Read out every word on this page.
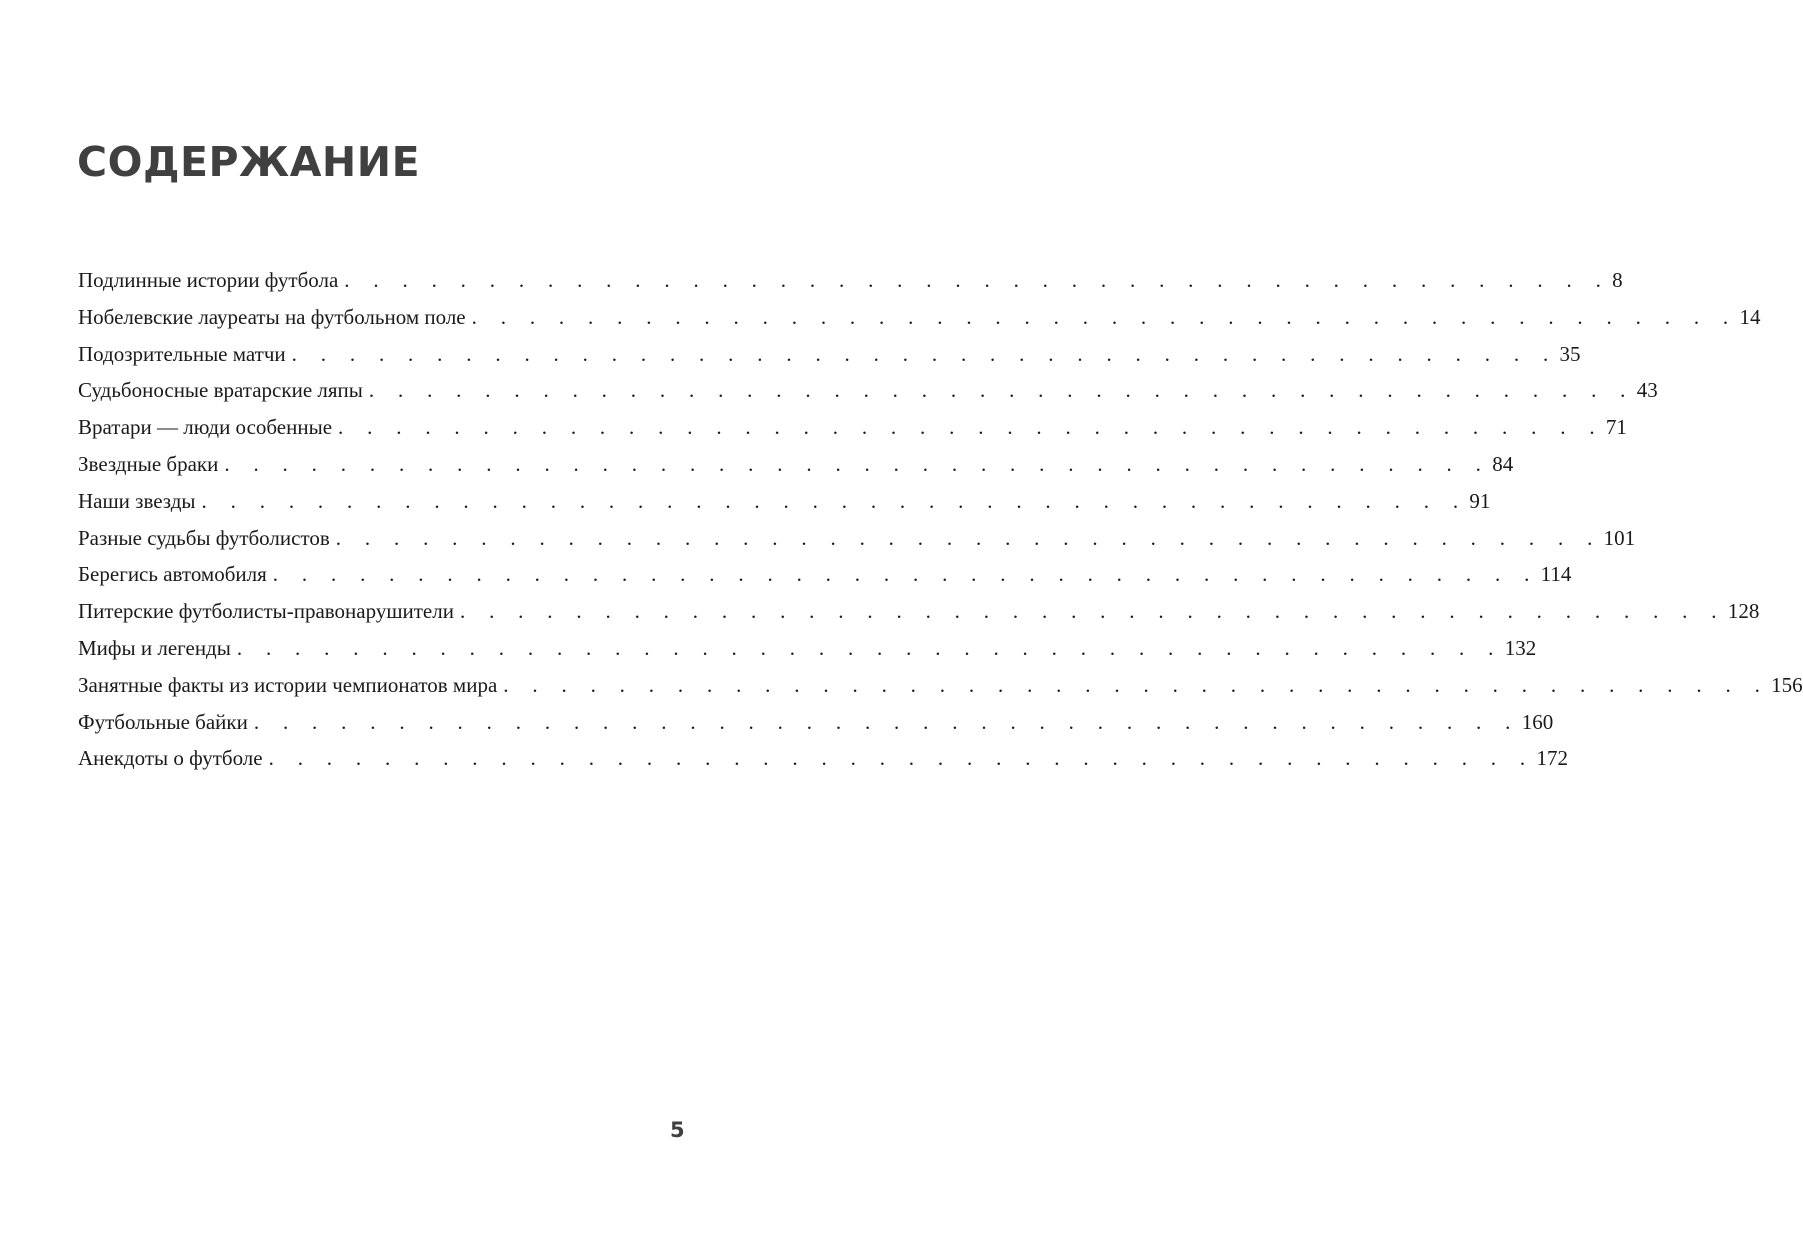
СОДЕРЖАНИЕ
Подлинные истории футбола . . . . . . . . . . . . . . . . . . . . . . . . . . . . . . . . . . . . . . . . . . . . 8
Нобелевские лауреаты на футбольном поле . . . . . . . . . . . . . . . . . . . . . . . . . . . . . . . . . . . . . . . . . . . . 14
Подозрительные матчи . . . . . . . . . . . . . . . . . . . . . . . . . . . . . . . . . . . . . . . . . . . . 35
Судьбоносные вратарские ляпы . . . . . . . . . . . . . . . . . . . . . . . . . . . . . . . . . . . . . . . . . . . . 43
Вратари — люди особенные . . . . . . . . . . . . . . . . . . . . . . . . . . . . . . . . . . . . . . . . . . . . 71
Звездные браки . . . . . . . . . . . . . . . . . . . . . . . . . . . . . . . . . . . . . . . . . . . . 84
Наши звезды . . . . . . . . . . . . . . . . . . . . . . . . . . . . . . . . . . . . . . . . . . . . 91
Разные судьбы футболистов . . . . . . . . . . . . . . . . . . . . . . . . . . . . . . . . . . . . . . . . . . . . 101
Берегись автомобиля . . . . . . . . . . . . . . . . . . . . . . . . . . . . . . . . . . . . . . . . . . . . 114
Питерские футболисты-правонарушители . . . . . . . . . . . . . . . . . . . . . . . . . . . . . . . . . . . . . . . . . . . . 128
Мифы и легенды . . . . . . . . . . . . . . . . . . . . . . . . . . . . . . . . . . . . . . . . . . . . 132
Занятные факты из истории чемпионатов мира . . . . . . . . . . . . . . . . . . . . . . . . . . . . . . . . . . . . . . . . . . . . 156
Футбольные байки . . . . . . . . . . . . . . . . . . . . . . . . . . . . . . . . . . . . . . . . . . . . 160
Анекдоты о футболе . . . . . . . . . . . . . . . . . . . . . . . . . . . . . . . . . . . . . . . . . . . . 172
5
